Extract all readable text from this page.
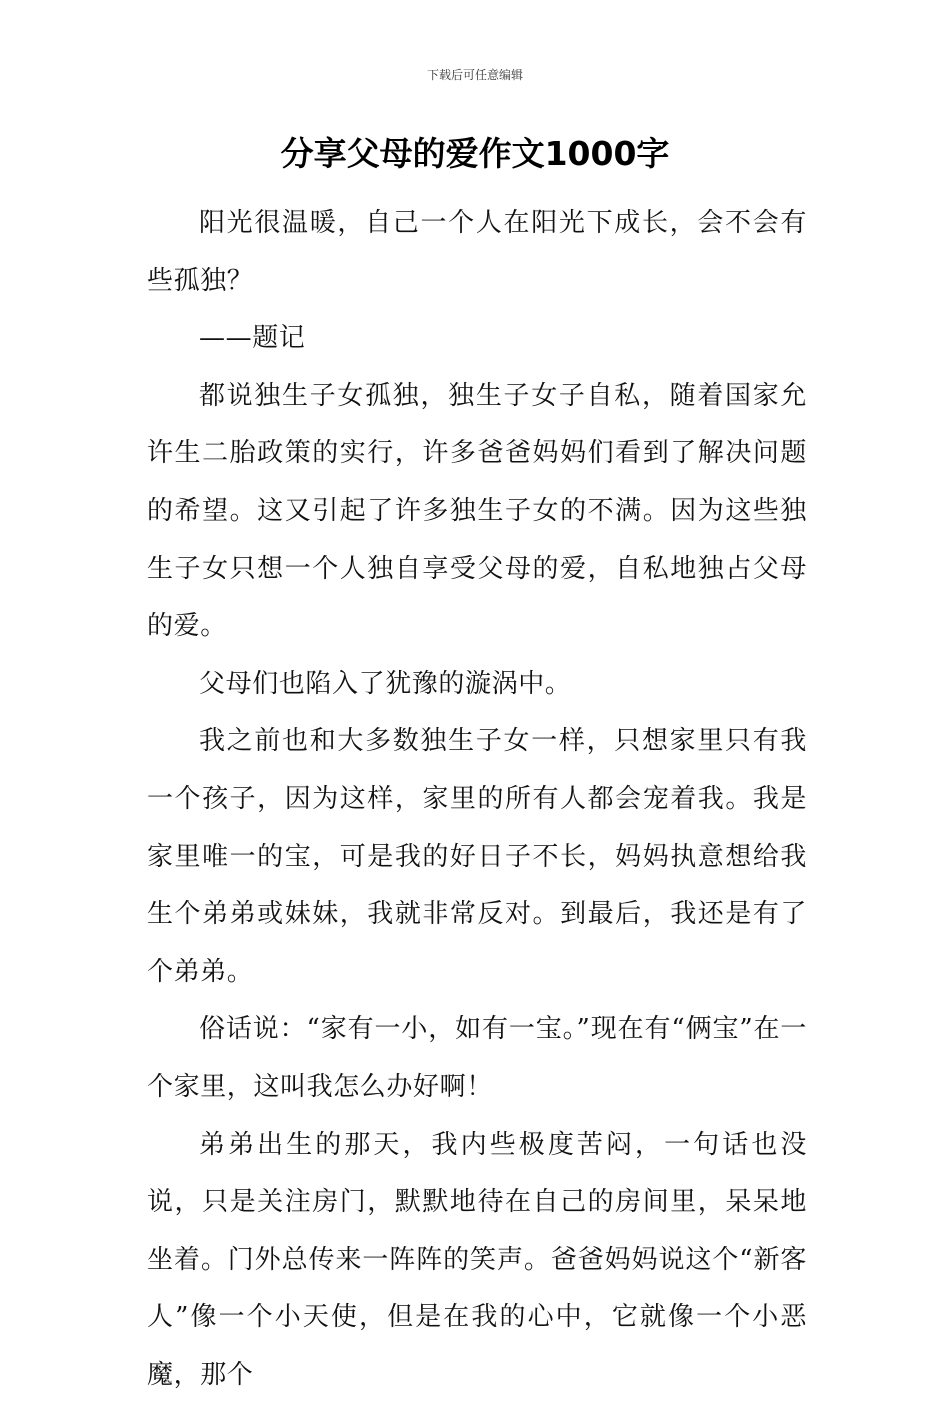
下载后可任意编辑
分享父母的爱作文1000字

阳光很温暖，自己一个人在阳光下成长，会不会有些孤独？

——题记

都说独生子女孤独，独生子女子自私，随着国家允许生二胎政策的实行，许多爸爸妈妈们看到了解决问题的希望。这又引起了许多独生子女的不满。因为这些独生子女只想一个人独自享受父母的爱，自私地独占父母的爱。

父母们也陷入了犹豫的漩涡中。

我之前也和大多数独生子女一样，只想家里只有我一个孩子，因为这样，家里的所有人都会宠着我。我是家里唯一的宝，可是我的好日子不长，妈妈执意想给我生个弟弟或妹妹，我就非常反对。到最后，我还是有了个弟弟。

俗话说：“家有一小，如有一宝。”现在有“俩宝”在一个家里，这叫我怎么办好啊！

弟弟出生的那天，我内些极度苦闷，一句话也没说，只是关注房门，默默地待在自己的房间里，呆呆地坐着。门外总传来一阵阵的笑声。爸爸妈妈说这个“新客人”像一个小天使，但是在我的心中，它就像一个小恶魔，那个
